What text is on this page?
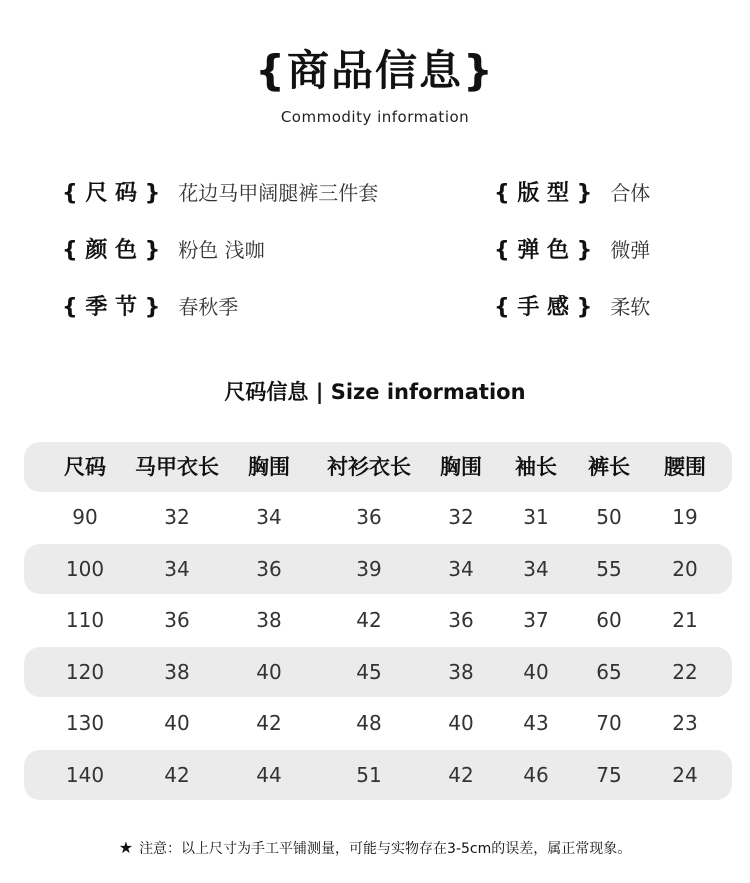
{商品信息}
Commodity information
{ 尺 码 } 花边马甲阔腿裤三件套	{ 版 型 } 合体
{ 颜 色 } 粉色 浅咖	{ 弹 色 } 微弹
{ 季 节 } 春秋季	{ 手 感 } 柔软
尺码信息 | Size information
尺码 马甲衣长 胸围 衬衫衣长 胸围 袖长 裤长 腰围
90	32	34	36	32 31 50	19
100	34	36	39	34 34 55	20
110	36	38	42	36 37 60	21
120	38	40	45	38 40 65	22
130	40	42	48	40 43 70	23
140	42	44	51	42 46 75	24
★ 注意：以上尺寸为手工平铺测量，可能与实物存在3-5cm的误差，属正常现象。
